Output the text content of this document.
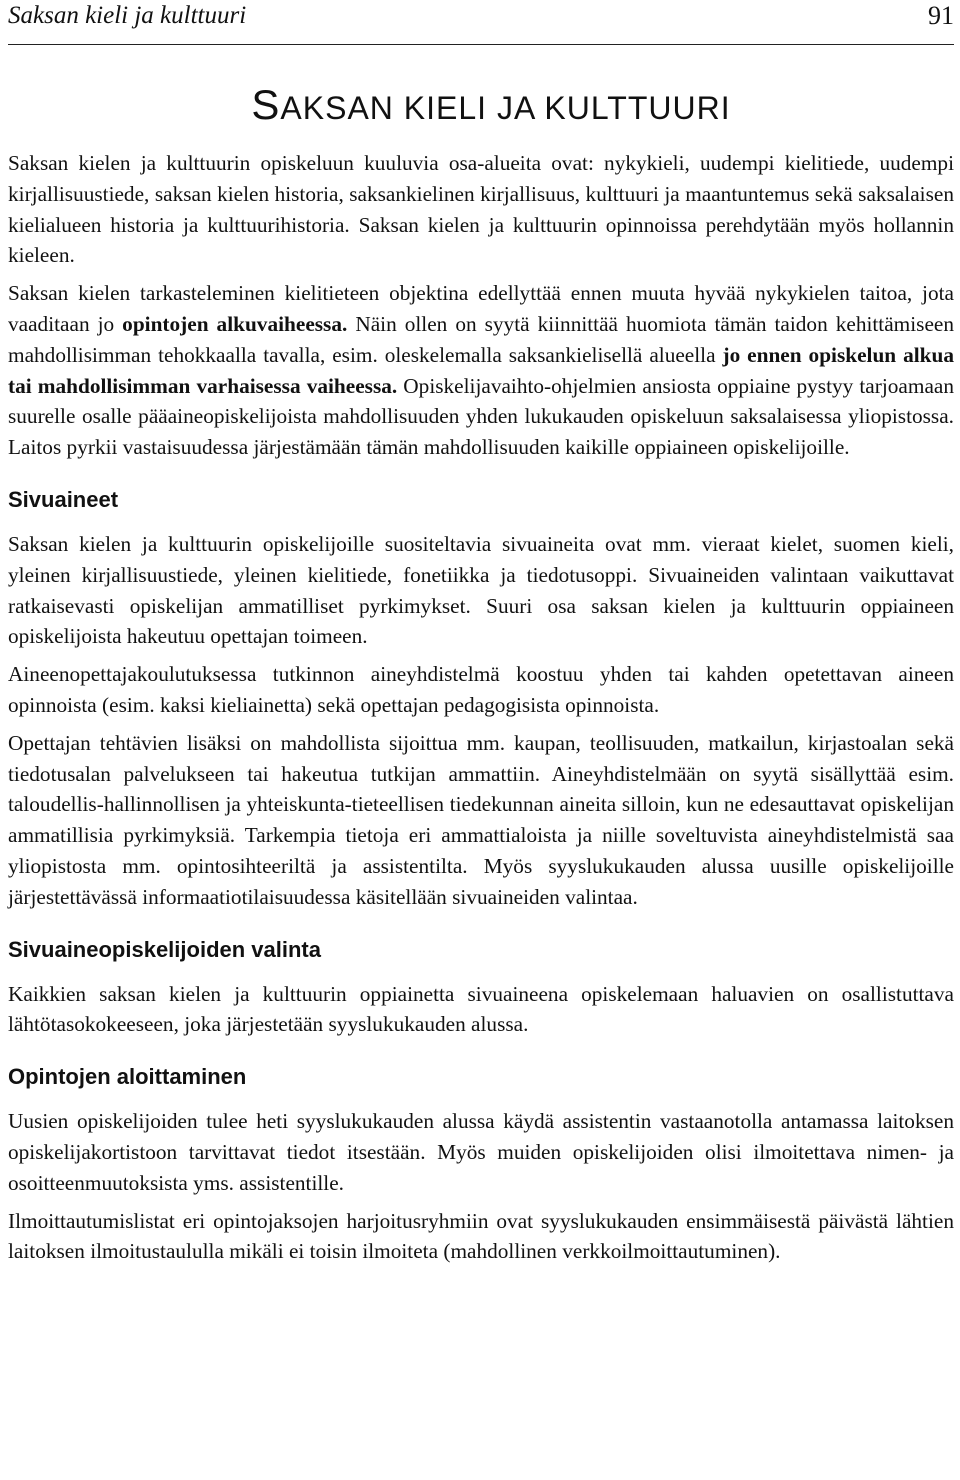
Saksan kieli ja kulttuuri	91
SAKSAN KIELI JA KULTTUURI

Saksan kielen ja kulttuurin opiskeluun kuuluvia osa-alueita ovat: nykykieli, uudempi kielitiede, uudempi kirjallisuustiede, saksan kielen historia, saksankielinen kirjallisuus, kulttuuri ja maantuntemus sekä saksalaisen kielialueen historia ja kulttuurihistoria. Saksan kielen ja kulttuurin opinnoissa perehdytään myös hollannin kieleen.

Saksan kielen tarkasteleminen kielitieteen objektina edellyttää ennen muuta hyvää nykykielen taitoa, jota vaaditaan jo opintojen alkuvaiheessa. Näin ollen on syytä kiinnittää huomiota tämän taidon kehittämiseen mahdollisimman tehokkaalla tavalla, esim. oleskelemalla saksankielisellä alueella jo ennen opiskelun alkua tai mahdollisimman varhaisessa vaiheessa. Opiskelijavaihto-ohjelmien ansiosta oppiaine pystyy tarjoamaan suurelle osalle pääaineopiskelijoista mahdollisuuden yhden lukukauden opiskeluun saksalaisessa yliopistossa. Laitos pyrkii vastaisuudessa järjestämään tämän mahdollisuuden kaikille oppiaineen opiskelijoille.

Sivuaineet

Saksan kielen ja kulttuurin opiskelijoille suositeltavia sivuaineita ovat mm. vieraat kielet, suomen kieli, yleinen kirjallisuustiede, yleinen kielitiede, fonetiikka ja tiedotusoppi. Sivuaineiden valintaan vaikuttavat ratkaisevasti opiskelijan ammatilliset pyrkimykset. Suuri osa saksan kielen ja kulttuurin oppiaineen opiskelijoista hakeutuu opettajan toimeen.

Aineenopettajakoulutuksessa tutkinnon aineyhdistelmä koostuu yhden tai kahden opetettavan aineen opinnoista (esim. kaksi kieliainetta) sekä opettajan pedagogisista opinnoista.

Opettajan tehtävien lisäksi on mahdollista sijoittua mm. kaupan, teollisuuden, matkailun, kirjastoalan sekä tiedotusalan palvelukseen tai hakeutua tutkijan ammattiin. Aineyhdistelmään on syytä sisällyttää esim. taloudellis-hallinnollisen ja yhteiskunta-tieteellisen tiedekunnan aineita silloin, kun ne edesauttavat opiskelijan ammatillisia pyrkimyksiä. Tarkempia tietoja eri ammattialoista ja niille soveltuvista aineyhdistelmistä saa yliopistosta mm. opintosihteeriltä ja assistentilta. Myös syyslukukauden alussa uusille opiskelijoille järjestettävässä informaatiotilaisuudessa käsitellään sivuaineiden valintaa.

Sivuaineopiskelijoiden valinta

Kaikkien saksan kielen ja kulttuurin oppiainetta sivuaineena opiskelemaan haluavien on osallistuttava lähtötasokokeeseen, joka järjestetään syyslukukauden alussa.

Opintojen aloittaminen

Uusien opiskelijoiden tulee heti syyslukukauden alussa käydä assistentin vastaanotolla antamassa laitoksen opiskelijakortistoon tarvittavat tiedot itsestään. Myös muiden opiskelijoiden olisi ilmoitettava nimen- ja osoitteenmuutoksista yms. assistentille.

Ilmoittautumislistat eri opintojaksojen harjoitusryhmiin ovat syyslukukauden ensimmäisestä päivästä lähtien laitoksen ilmoitustaululla mikäli ei toisin ilmoiteta (mahdollinen verkkoilmoittautuminen).
